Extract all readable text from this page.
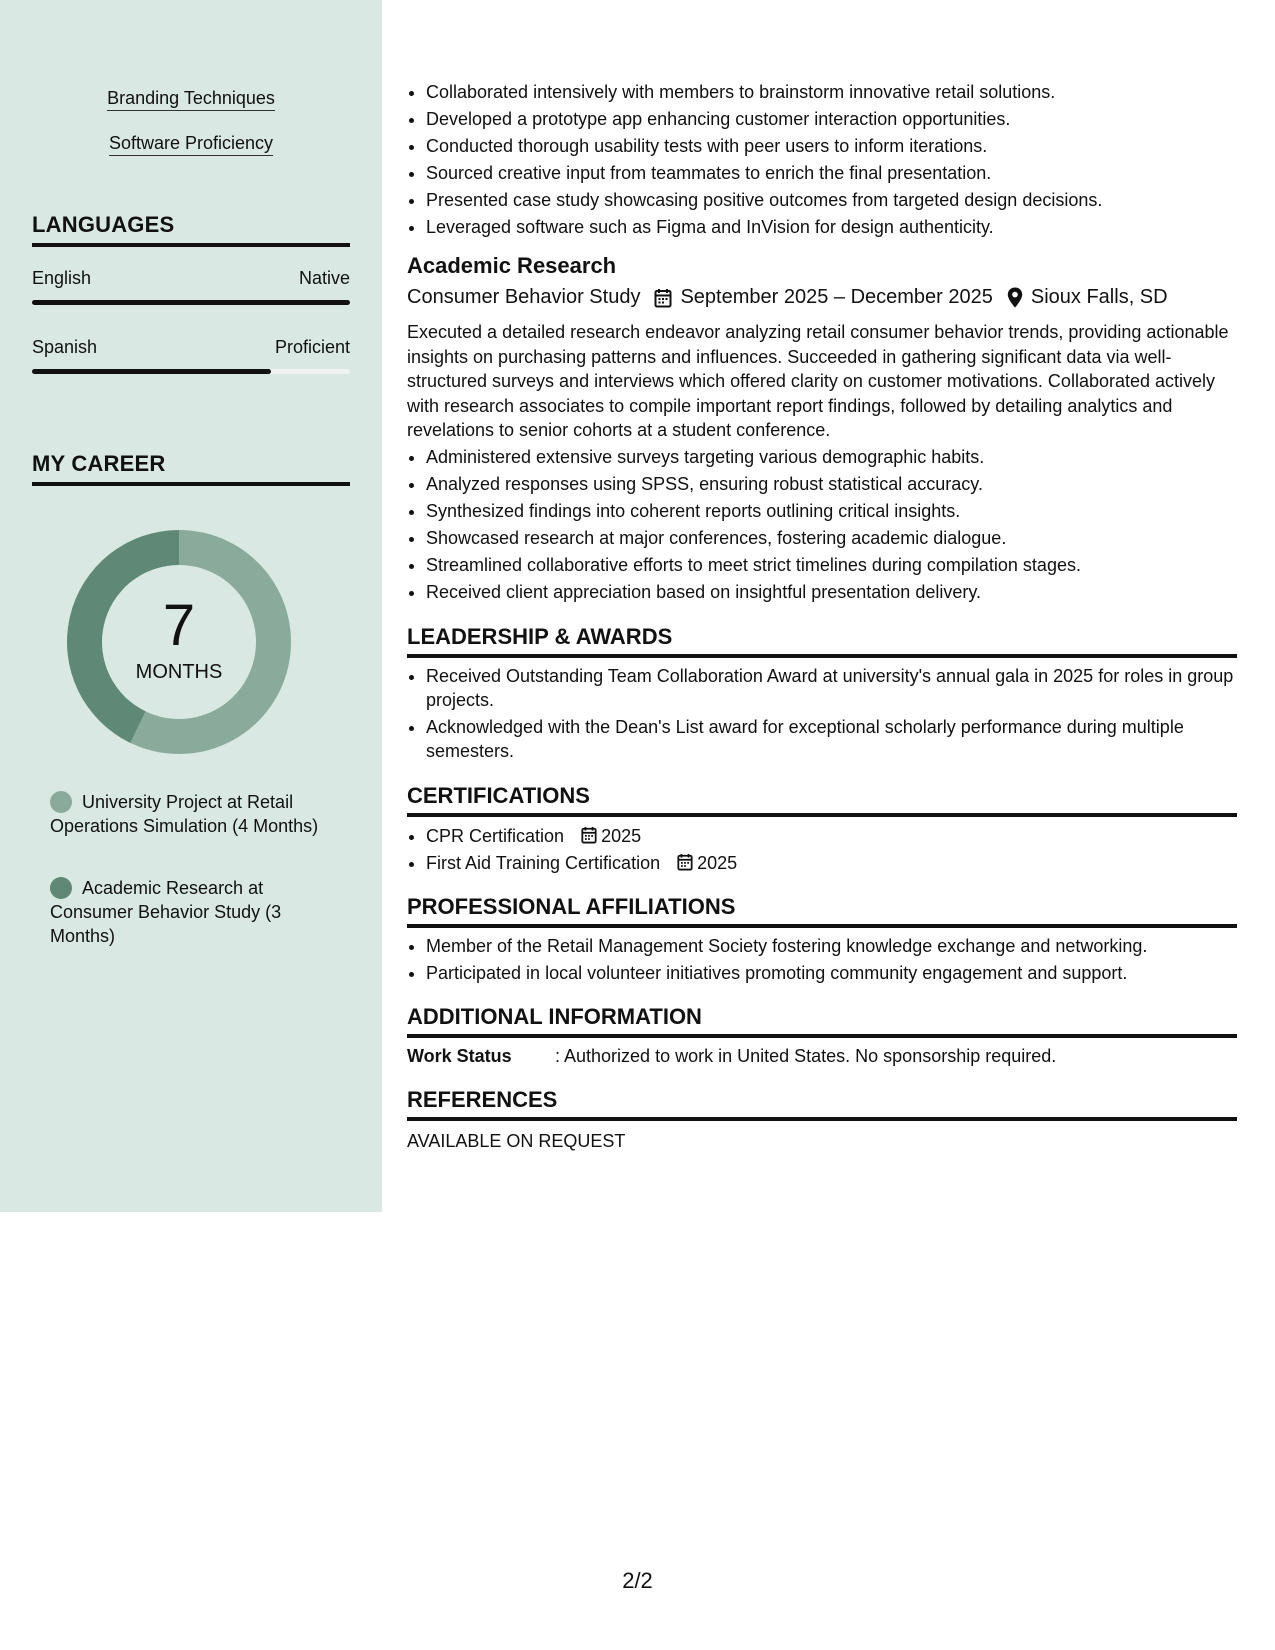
Branding Techniques
Software Proficiency
LANGUAGES
English	Native
Spanish	Proficient
MY CAREER
7
MONTHS
University Project at Retail Operations Simulation (4 Months)
Academic Research at Consumer Behavior Study (3 Months)
• Collaborated intensively with members to brainstorm innovative retail solutions.
• Developed a prototype app enhancing customer interaction opportunities.
• Conducted thorough usability tests with peer users to inform iterations.
• Sourced creative input from teammates to enrich the final presentation.
• Presented case study showcasing positive outcomes from targeted design decisions.
• Leveraged software such as Figma and InVision for design authenticity.
Academic Research
Consumer Behavior Study September 2025 – December 2025 Sioux Falls, SD
Executed a detailed research endeavor analyzing retail consumer behavior trends, providing actionable insights on purchasing patterns and influences. Succeeded in gathering significant data via well-structured surveys and interviews which offered clarity on customer motivations. Collaborated actively with research associates to compile important report findings, followed by detailing analytics and revelations to senior cohorts at a student conference.
• Administered extensive surveys targeting various demographic habits.
• Analyzed responses using SPSS, ensuring robust statistical accuracy.
• Synthesized findings into coherent reports outlining critical insights.
• Showcased research at major conferences, fostering academic dialogue.
• Streamlined collaborative efforts to meet strict timelines during compilation stages.
• Received client appreciation based on insightful presentation delivery.
LEADERSHIP & AWARDS
• Received Outstanding Team Collaboration Award at university's annual gala in 2025 for roles in group projects.
• Acknowledged with the Dean's List award for exceptional scholarly performance during multiple semesters.
CERTIFICATIONS
• CPR Certification 2025
• First Aid Training Certification 2025
PROFESSIONAL AFFILIATIONS
• Member of the Retail Management Society fostering knowledge exchange and networking.
• Participated in local volunteer initiatives promoting community engagement and support.
ADDITIONAL INFORMATION
Work Status : Authorized to work in United States. No sponsorship required.
REFERENCES
AVAILABLE ON REQUEST
2/2
